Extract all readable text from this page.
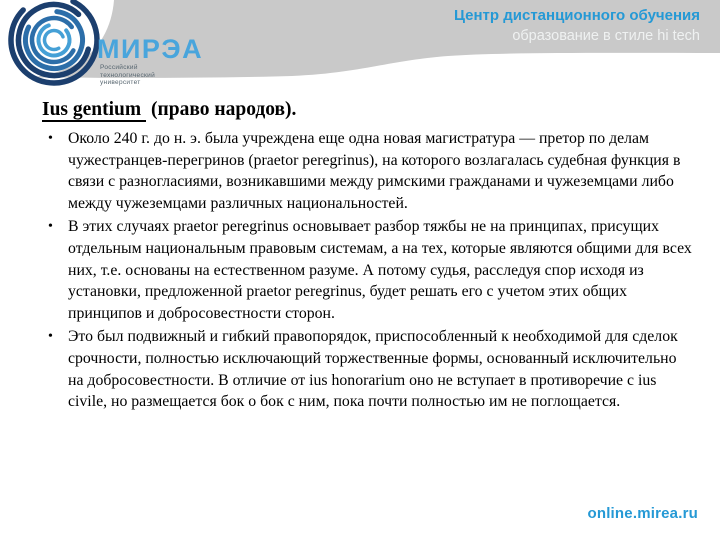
МИРЭА
Российский
технологический
университет
Центр дистанционного обучения
образование в стиле hi tech
Ius gentium (право народов).
• Около 240 г. до н. э. была учреждена еще одна новая магистратура — претор по делам чужестранцев-перегринов (praetor peregrinus), на которого возлагалась судебная функция в связи с разногласиями, возникавшими между римскими гражданами и чужеземцами либо между чужеземцами различных национальностей.
• В этих случаях praetor peregrinus основывает разбор тяжбы не на принципах, присущих отдельным национальным правовым системам, а на тех, которые являются общими для всех них, т.е. основаны на естественном разуме. А потому судья, расследуя спор исходя из установки, предложенной praetor peregrinus, будет решать его с учетом этих общих принципов и добросовестности сторон.
• Это был подвижный и гибкий правопорядок, приспособленный к необходимой для сделок срочности, полностью исключающий торжественные формы, основанный исключительно на добросовестности. В отличие от ius honorarium оно не вступает в противоречие с ius civile, но размещается бок о бок с ним, пока почти полностью им не поглощается.
online.mirea.ru
